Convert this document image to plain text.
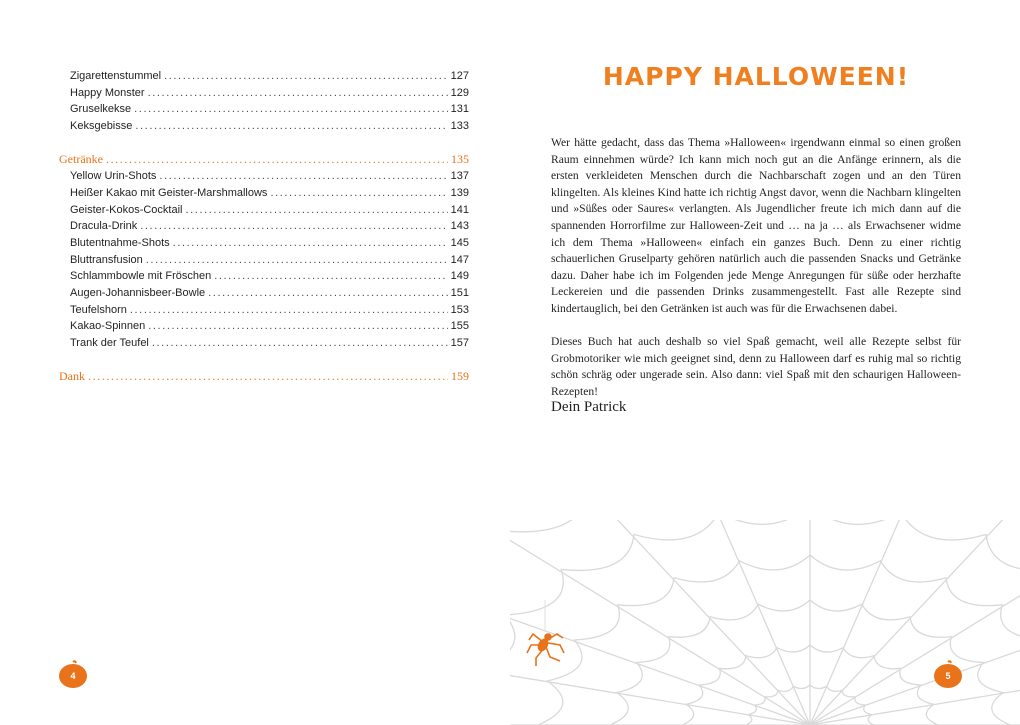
Zigarettenstummel .....	127
Happy Monster .....	129
Gruselkekse .....	131
Keksgebisse .....	133
Getränke .....	135
Yellow Urin-Shots .....	137
Heißer Kakao mit Geister-Marshmallows .....	139
Geister-Kokos-Cocktail .....	141
Dracula-Drink .....	143
Blutentnahme-Shots .....	145
Bluttransfusion .....	147
Schlammbowle mit Fröschen .....	149
Augen-Johannisbeer-Bowle .....	151
Teufelshorn .....	153
Kakao-Spinnen .....	155
Trank der Teufel .....	157
Dank .....	159
HAPPY HALLOWEEN!
Wer hätte gedacht, dass das Thema »Halloween« irgendwann einmal so einen großen Raum einnehmen würde? Ich kann mich noch gut an die Anfänge erinnern, als die ersten verkleideten Menschen durch die Nachbarschaft zogen und an den Türen klingelten. Als kleines Kind hatte ich richtig Angst davor, wenn die Nachbarn klingelten und »Süßes oder Saures« verlangten. Als Jugendlicher freute ich mich dann auf die spannenden Horrorfilme zur Halloween-Zeit und … na ja … als Erwachsener widme ich dem Thema »Halloween« einfach ein ganzes Buch. Denn zu einer richtig schauerlichen Gruselparty gehören natürlich auch die passenden Snacks und Getränke dazu. Daher habe ich im Folgenden jede Menge Anregungen für süße oder herzhafte Leckereien und die passenden Drinks zusammengestellt. Fast alle Rezepte sind kindertauglich, bei den Getränken ist auch was für die Erwachsenen dabei.
Dieses Buch hat auch deshalb so viel Spaß gemacht, weil alle Rezepte selbst für Grobmotoriker wie mich geeignet sind, denn zu Halloween darf es ruhig mal so richtig schön schräg oder ungerade sein. Also dann: viel Spaß mit den schaurigen Halloween-Rezepten!
Dein Patrick
4	5
